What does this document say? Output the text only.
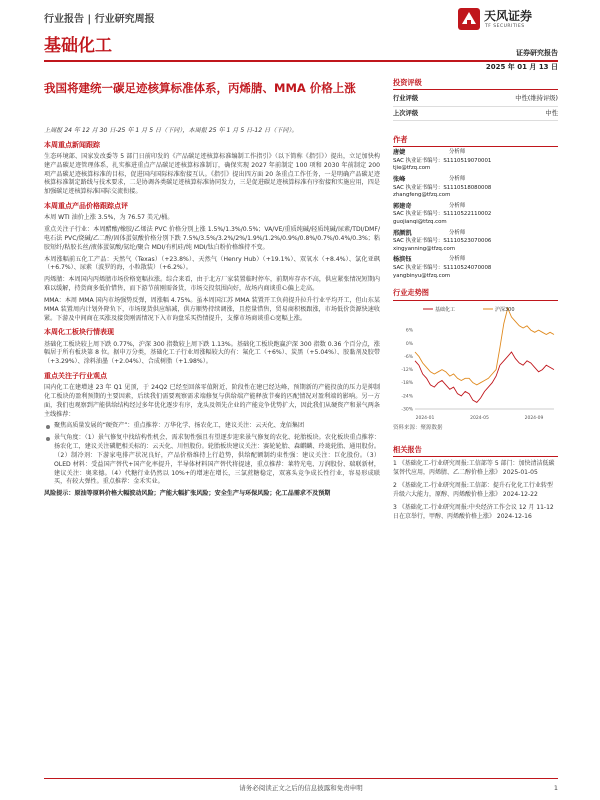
行业报告 | 行业研究周报
基础化工
天风证券
TF SECURITIES
证券研究报告
2025 年 01 月 13 日
我国将建统一碳足迹核算标准体系，丙烯腈、MMA 价格上涨
上周报 24 年 12 月 30 日-25 年 1 月 5 日（下同），本周报 25 年 1 月 5 日-12 日（下同）。
本周重点新闻跟踪
生态环境部、国家发改委等 5 部门日前印发的《产品碳足迹核算标准编制工作指引》（以下简称《指引》）提出，立足加快构建产品碳足迹管理体系，扎实推进重点产品碳足迹核算标准制订，确保实现 2027 年前制定 100 项和 2030 年前制定 200 项产品碳足迹核算标准的目标，促进国内国际标准衔接互认。《指引》提出四方面 20 条重点工作任务，一是明确产品碳足迹核算标准制定路线与技术要求，二是协调各类碳足迹核算标准协同发力，三是促进碳足迹核算标准有序衔接和实施应用，四是加强碳足迹核算标准国际交流衔接。
本周重点产品价格跟踪点评
本周 WTI 油价上涨 3.5%，为 76.57 美元/桶。
重点关注子行业：本周醋酸/橡胶/乙烯法 PVC 价格分别上涨 1.5%/1.3%/0.5%；VA/VE/重质纯碱/轻质纯碱/尿素/TDI/DMF/电石法 PVC/烧碱/乙二醇/固体蛋氨酸价格分别下跌 7.5%/3.5%/3.2%/2%/1.9%/1.2%/0.9%/0.8%/0.7%/0.4%/0.3%；粘胶短纤/粘胶长丝/液体蛋氨酸/氨纶/聚合 MDI/有机硅/纯 MDI/钛白粉价格维持不变。
本周涨幅前五化工产品：天然气（Texas）（+23.8%）、天然气（Henry Hub）（+19.1%）、双氧水（+8.4%）、氯化亚砜（+6.7%）、尿素（波罗的海，小粒散装）（+6.2%）。
丙烯腈：本周国内丙烯腈市场价格宽幅拉涨。综合来看，由于北方厂家装置临时停车，前期库存亦不高，供应紧张情况短期内难以缓解，持货商多低价惜售，而下游节前刚需备货，市场交投氛围向好，故场内商谈重心偏上走高。
MMA：本周 MMA 国内市场强势反弹，周涨幅 4.75%。虽本周国江苏 MMA 装置开工负荷提升拉升行业平均开工，但山东某 MMA 装置周内计划外降负下，市场现货供应缩减，供方顺势持续调涨，且控量惜售，贸易商积极跟涨，市场低价货源快速收紧。下游及中间商在买涨及接货刚需情况下入市询盘采买热情提升，支撑市场商谈重心宽幅上涨。
本周化工板块行情表现
基础化工板块较上周下跌 0.77%，沪深 300 指数较上周下跌 1.13%。基础化工板块跑赢沪深 300 指数 0.36 个百分点，涨幅居于所有板块第 8 位。据申万分类，基础化工子行业周涨幅较大的有：氟化工（+6%）、炭黑（+5.04%）、胶黏剂及胶带（+3.29%）、涂料油墨（+2.04%）、合成树脂（+1.98%）。
重点关注子行业观点
国内化工在建增速 23 年 Q1 见顶，于 24Q2 已经至回落零值附近，阶段性在建已经达峰，预期新的产能投放的压力是抑制化工板块的盈利预期的主要因素，后续我们需要观察需求端修复与供给端产能释放节奏的匹配情况对盈利端的影响。另一方面，我们也观察到产能供给结构经过多年优化逐步有序，龙头及领先企业的产能竞争优势扩大，因此我们从硬资产和景气两条主线推荐：
聚焦高质量发展的“硬资产”：重点推荐：万华化学、扬农化工，建议关注：云天化、龙佰集团
景气角度：（1）景气修复中找结构性机会，需求韧性强且有望逐步迎来景气修复的农化、轮胎板块。农化板块重点推荐：扬农化工，建议关注磷肥相关标的：云天化、川恒股份。轮胎板块建议关注：赛轮轮胎、森麒麟、玲珑轮胎、通用股份。（2）制冷剂：下游家电排产状况良好，产品价格维持上行趋势，供给配额制约束性强：建议关注：巨化股份。（3）OLED 材料：受益国产替代+国产化率提升，半导体材料国产替代将提速，重点推荐：莱特光电、万润股份、瑞联新材，建议关注：奥来德。（4）代糖行业仍然以 10%+的增速在增长，三氯蔗糖稳定，双寡头竞争成长性行业，容易形成联买，有较大弹性。重点推荐：金禾实业。
风险提示：原油等原料价格大幅波动风险；产能大幅扩张风险；安全生产与环保风险；化工品需求不及预期
投资评级
行业评级	中性(维持评级)
上次评级	中性
作者
唐婕	分析师
SAC 执业证书编号：S1110519070001
tjie@tfzq.com
张峰	分析师
SAC 执业证书编号：S1110518080008
zhangfeng@tfzq.com
郭建奇	分析师
SAC 执业证书编号：S1110522110002
guojianqi@tfzq.com
邢颜凯	分析师
SAC 执业证书编号：S1110523070006
xingyanning@tfzq.com
杨滨钰	分析师
SAC 执业证书编号：S1110524070008
yangbinyu@tfzq.com
行业走势图
6%
0%
-6%
-12%
-18%
-24%
-30%
2024-01	2024-05	2024-09
基础化工	沪深300
资料来源：聚源数据
相关报告
1 《基础化工-行业研究周报:工信部等 5 部门：加快清洁低碳氢替代应用，丙烯腈、乙二醇价格上涨》 2025-01-05
2 《基础化工-行业研究周报:工信部：提升石化化工行业转型升级六大能力，原醇、丙烯酸价格上涨》 2024-12-22
3 《基础化工-行业研究周报:中央经济工作会议 12 月 11-12 日在京举行，甲醇、丙烯酸价格上涨》 2024-12-16
请务必阅读正文之后的信息披露和免责申明	1
